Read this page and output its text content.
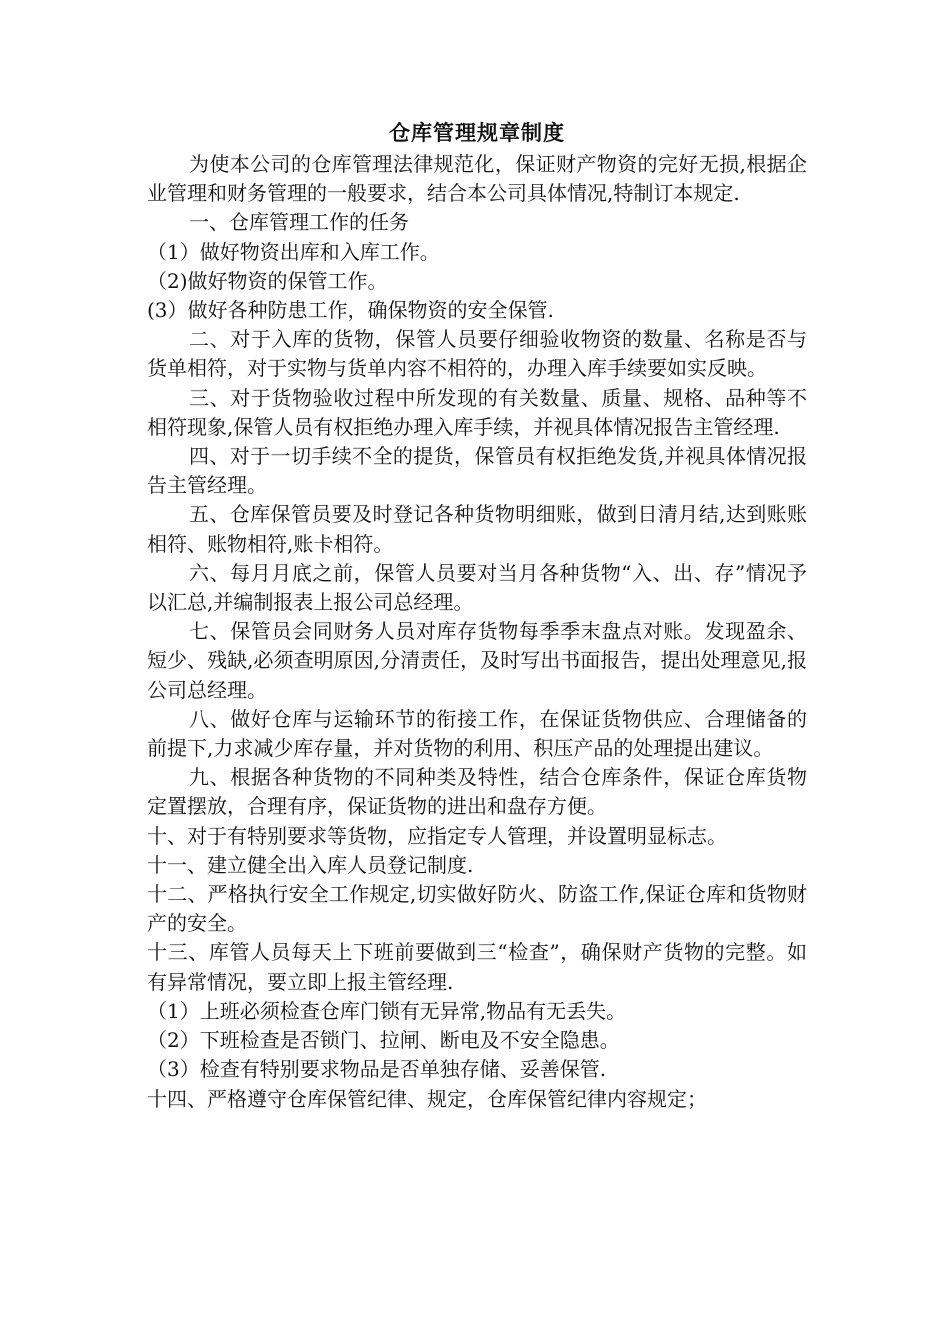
仓库管理规章制度

为使本公司的仓库管理法律规范化，保证财产物资的完好无损,根据企业管理和财务管理的一般要求，结合本公司具体情况,特制订本规定.

一、仓库管理工作的任务

（1）做好物资出库和入库工作。

（2)做好物资的保管工作。

(3）做好各种防患工作，确保物资的安全保管.

二、对于入库的货物，保管人员要仔细验收物资的数量、名称是否与货单相符，对于实物与货单内容不相符的，办理入库手续要如实反映。

三、对于货物验收过程中所发现的有关数量、质量、规格、品种等不相符现象,保管人员有权拒绝办理入库手续，并视具体情况报告主管经理.

四、对于一切手续不全的提货，保管员有权拒绝发货,并视具体情况报告主管经理。

五、仓库保管员要及时登记各种货物明细账，做到日清月结,达到账账相符、账物相符,账卡相符。

六、每月月底之前，保管人员要对当月各种货物“入、出、存”情况予以汇总,并编制报表上报公司总经理。

七、保管员会同财务人员对库存货物每季季末盘点对账。发现盈余、短少、残缺,必须查明原因,分清责任，及时写出书面报告，提出处理意见,报公司总经理。

八、做好仓库与运输环节的衔接工作，在保证货物供应、合理储备的前提下,力求减少库存量，并对货物的利用、积压产品的处理提出建议。

九、根据各种货物的不同种类及特性，结合仓库条件，保证仓库货物定置摆放，合理有序，保证货物的进出和盘存方便。

十、对于有特别要求等货物，应指定专人管理，并设置明显标志。

十一、建立健全出入库人员登记制度.

十二、严格执行安全工作规定,切实做好防火、防盗工作,保证仓库和货物财产的安全。

十三、库管人员每天上下班前要做到三“检查”，确保财产货物的完整。如有异常情况，要立即上报主管经理.

（1）上班必须检查仓库门锁有无异常,物品有无丢失。

（2）下班检查是否锁门、拉闸、断电及不安全隐患。

（3）检查有特别要求物品是否单独存储、妥善保管.

十四、严格遵守仓库保管纪律、规定，仓库保管纪律内容规定；
